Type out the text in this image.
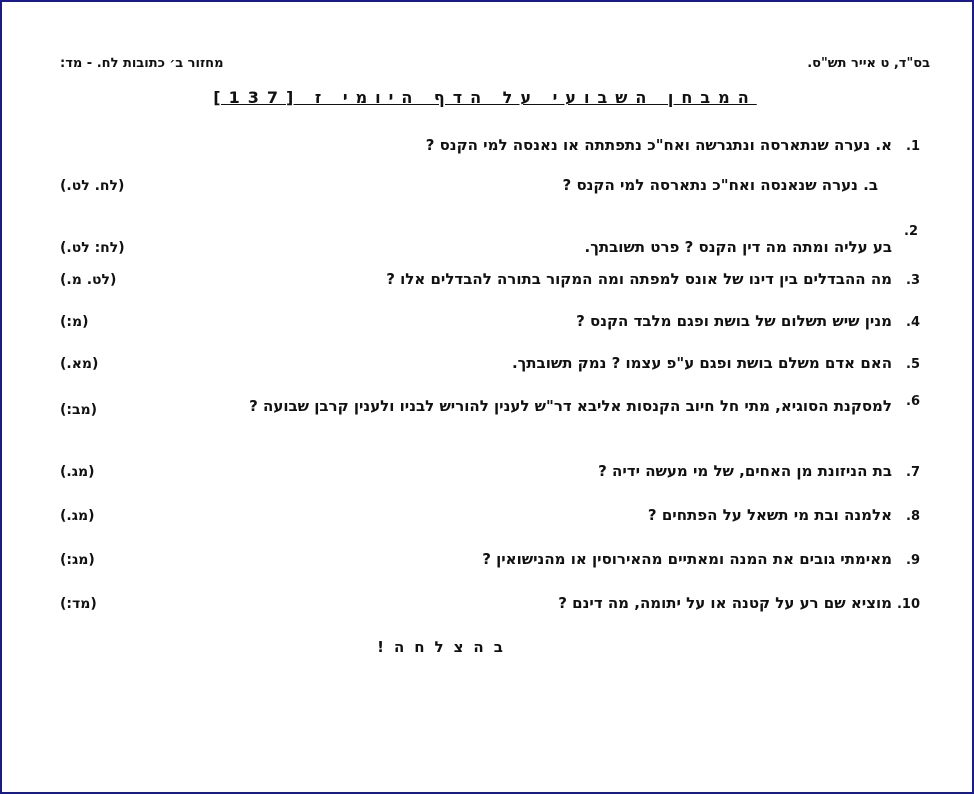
בס"ד, ט אייר תש"ס.
מחזור ב׳ כתובות לח. - מד:
המבחן השבועי על הדף היומי ז [137]
1.
א. נערה שנתארסה ונתגרשה ואח"כ נתפתתה או נאנסה למי הקנס ?
ב. נערה שנאנסה ואח"כ נתארסה למי הקנס ?
(לח. לט.)
2.
בע עליה ומתה מה דין הקנס ? פרט תשובתך.
(לח: לט.)
3.
מה ההבדלים בין דינו של אונס למפתה ומה המקור בתורה להבדלים אלו ?
(לט. מ.)
4.
מנין שיש תשלום של בושת ופגם מלבד הקנס ?
(מ:)
5.
האם אדם משלם בושת ופגם ע"פ עצמו ? נמק תשובתך.
(מא.)
6.
למסקנת הסוגיא, מתי חל חיוב הקנסות אליבא דר"ש לענין להוריש לבניו ולענין קרבן שבועה ?
(מב:)
7.
בת הניזונת מן האחים, של מי מעשה ידיה ?
(מג.)
8.
אלמנה ובת מי תשאל על הפתחים ?
(מג.)
9.
מאימתי גובים את המנה ומאתיים מהאירוסין או מהנישואין ?
(מג:)
10.
מוציא שם רע על קטנה או על יתומה, מה דינם ?
(מד:)
בהצלחה!
